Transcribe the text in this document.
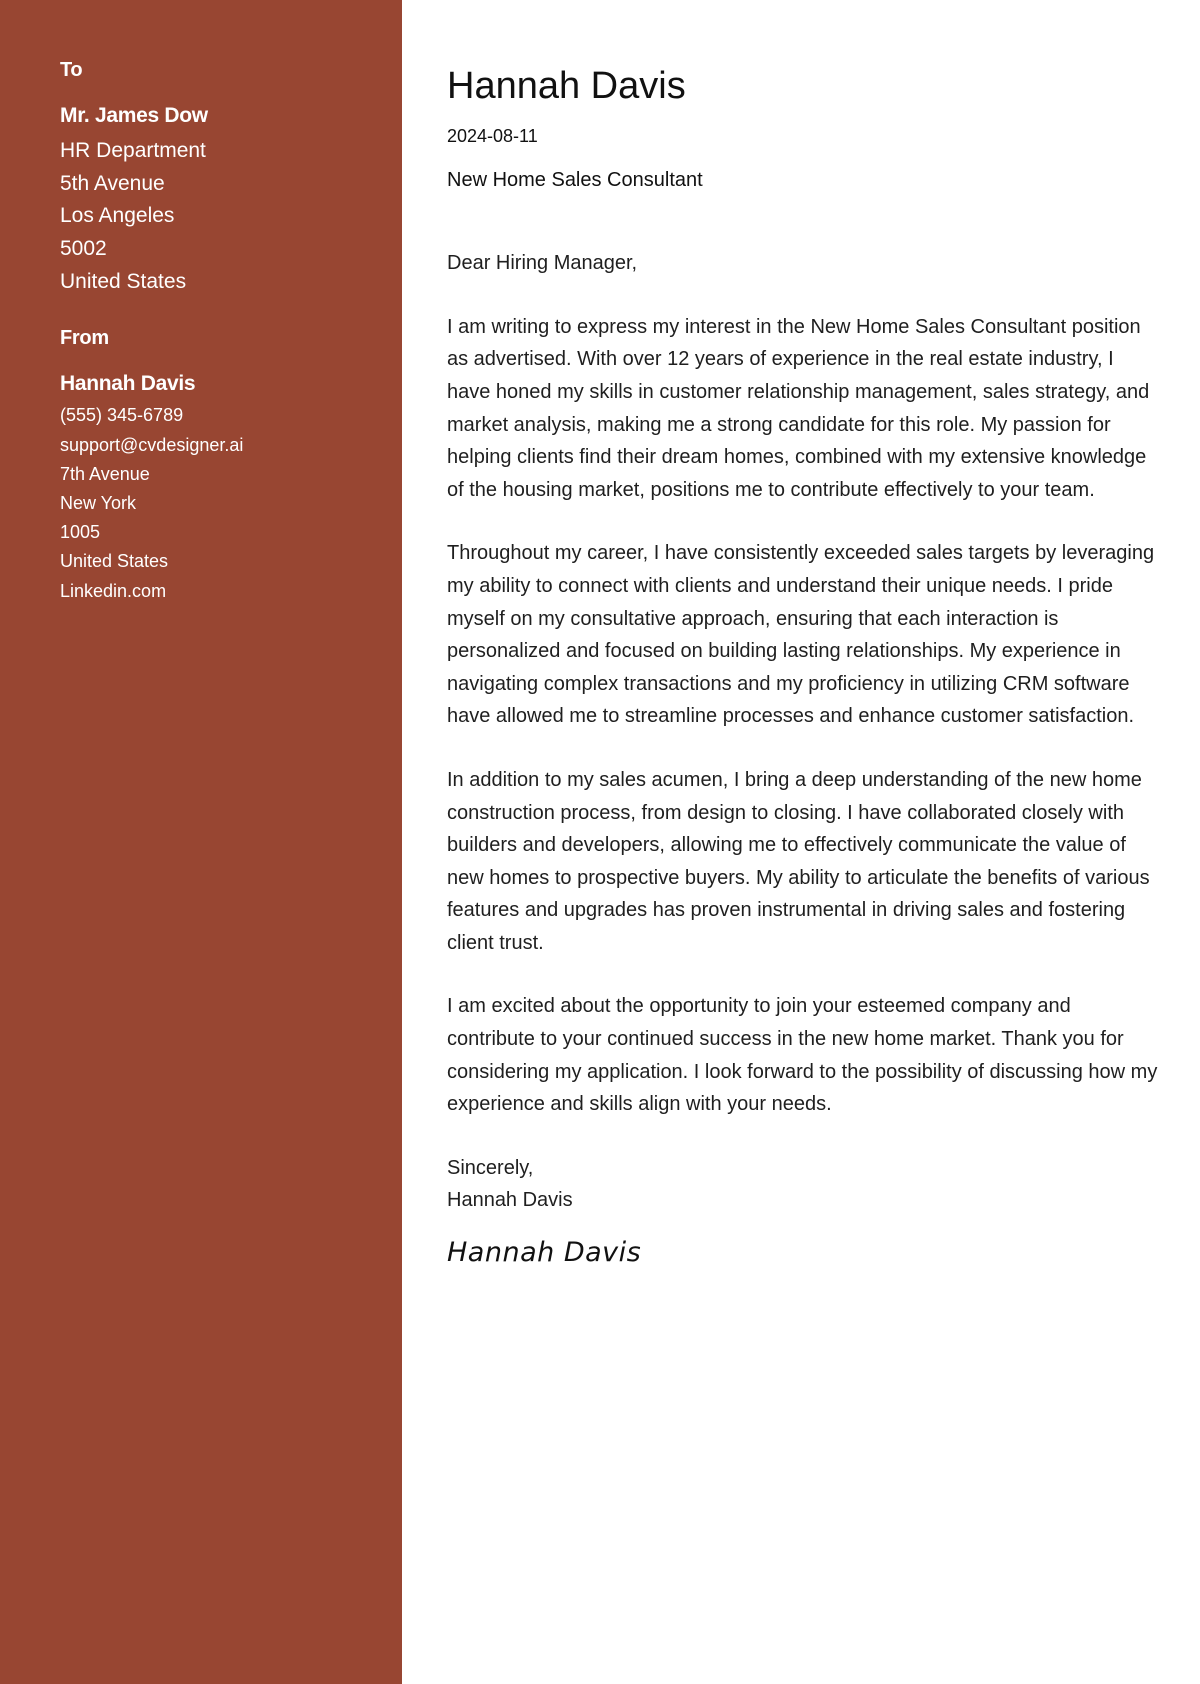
To
Mr. James Dow
HR Department
5th Avenue
Los Angeles
5002
United States
From
Hannah Davis
(555) 345-6789
support@cvdesigner.ai
7th Avenue
New York
1005
United States
Linkedin.com
Hannah Davis
2024-08-11
New Home Sales Consultant
Dear Hiring Manager,

I am writing to express my interest in the New Home Sales Consultant position as advertised. With over 12 years of experience in the real estate industry, I have honed my skills in customer relationship management, sales strategy, and market analysis, making me a strong candidate for this role. My passion for helping clients find their dream homes, combined with my extensive knowledge of the housing market, positions me to contribute effectively to your team.

Throughout my career, I have consistently exceeded sales targets by leveraging my ability to connect with clients and understand their unique needs. I pride myself on my consultative approach, ensuring that each interaction is personalized and focused on building lasting relationships. My experience in navigating complex transactions and my proficiency in utilizing CRM software have allowed me to streamline processes and enhance customer satisfaction.

In addition to my sales acumen, I bring a deep understanding of the new home construction process, from design to closing. I have collaborated closely with builders and developers, allowing me to effectively communicate the value of new homes to prospective buyers. My ability to articulate the benefits of various features and upgrades has proven instrumental in driving sales and fostering client trust.

I am excited about the opportunity to join your esteemed company and contribute to your continued success in the new home market. Thank you for considering my application. I look forward to the possibility of discussing how my experience and skills align with your needs.

Sincerely,
Hannah Davis
Hannah Davis
